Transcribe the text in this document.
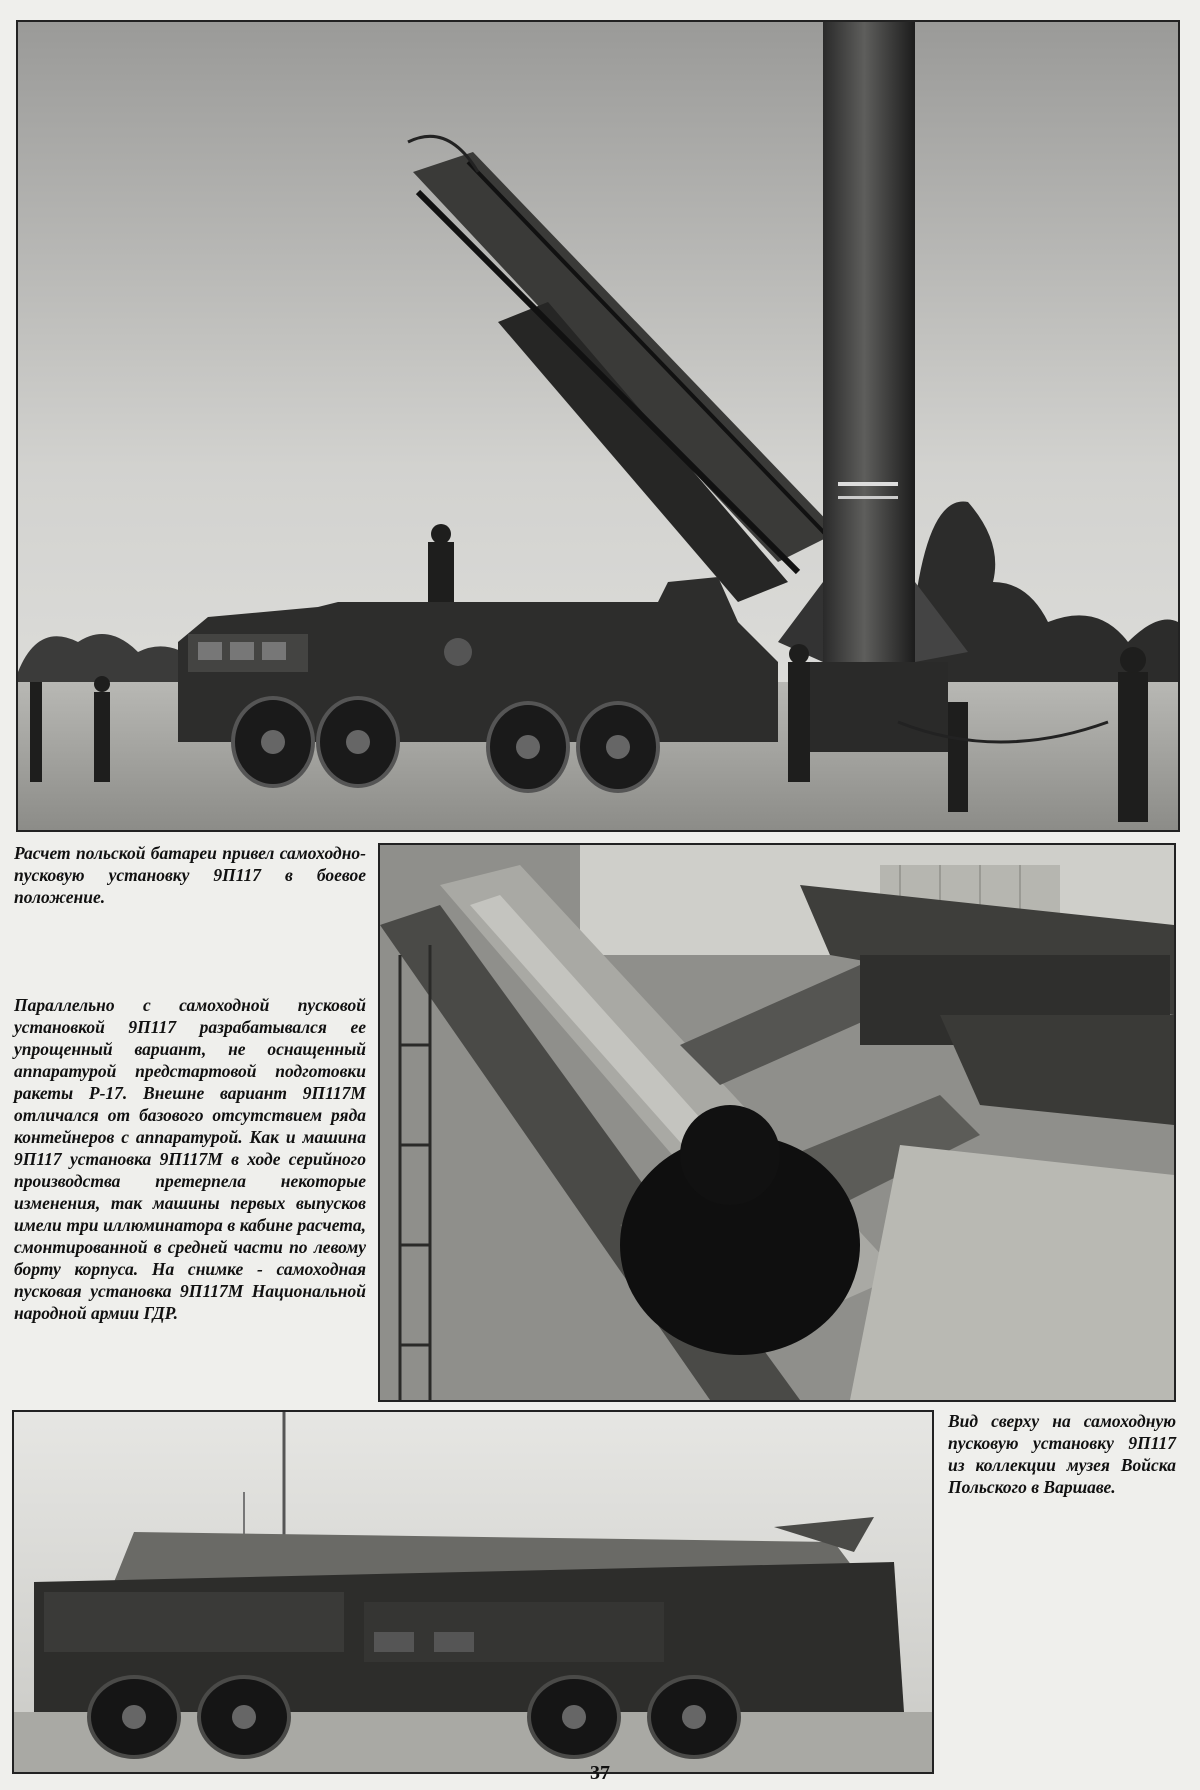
Расчет польской батареи привел самоходно-пусковую установку 9П117 в боевое положение.

Параллельно с самоходной пусковой установкой 9П117 разрабатывался ее упрощенный вариант, не оснащенный аппаратурой предстартовой подготовки ракеты Р-17. Внешне вариант 9П117М отличался от базового отсутствием ряда контейнеров с аппаратурой. Как и машина 9П117 установка 9П117М в ходе серийного производства претерпела некоторые изменения, так машины первых выпусков имели три иллюминатора в кабине расчета, смонтированной в средней части по левому борту корпуса. На снимке - самоходная пусковая установка 9П117М Национальной народной армии ГДР.

Вид сверху на самоходную пусковую установку 9П117 из коллекции музея Войска Польского в Варшаве.

37
